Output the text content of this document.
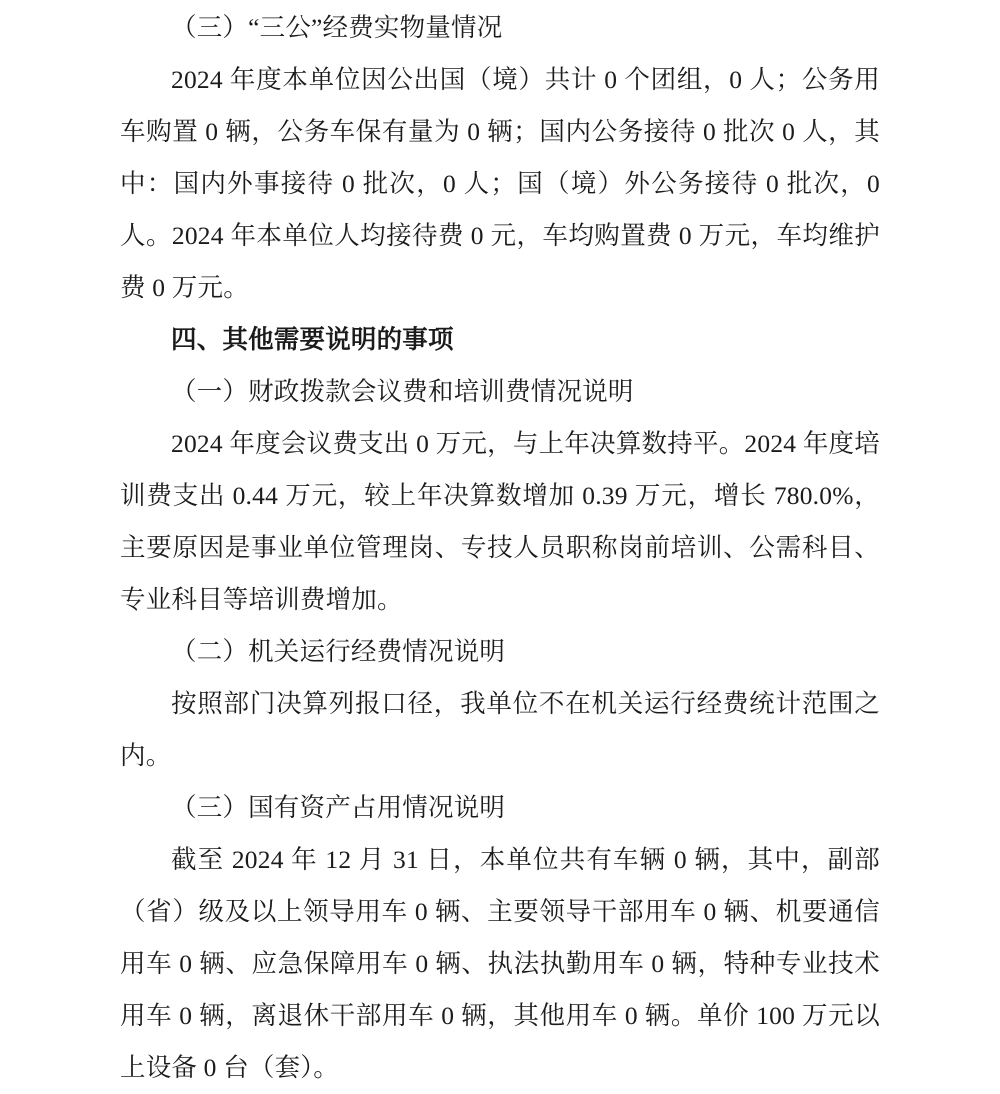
（三）“三公”经费实物量情况

2024 年度本单位因公出国（境）共计 0 个团组，0 人；公务用车购置 0 辆，公务车保有量为 0 辆；国内公务接待 0 批次 0 人，其中：国内外事接待 0 批次，0 人；国（境）外公务接待 0 批次，0 人。2024 年本单位人均接待费 0 元，车均购置费 0 万元，车均维护费 0 万元。

四、其他需要说明的事项

（一）财政拨款会议费和培训费情况说明

2024 年度会议费支出 0 万元，与上年决算数持平。2024 年度培训费支出 0.44 万元，较上年决算数增加 0.39 万元，增长 780.0%，主要原因是事业单位管理岗、专技人员职称岗前培训、公需科目、专业科目等培训费增加。

（二）机关运行经费情况说明

按照部门决算列报口径，我单位不在机关运行经费统计范围之内。

（三）国有资产占用情况说明

截至 2024 年 12 月 31 日，本单位共有车辆 0 辆，其中，副部（省）级及以上领导用车 0 辆、主要领导干部用车 0 辆、机要通信用车 0 辆、应急保障用车 0 辆、执法执勤用车 0 辆，特种专业技术用车 0 辆，离退休干部用车 0 辆，其他用车 0 辆。单价 100 万元以上设备 0 台（套）。
